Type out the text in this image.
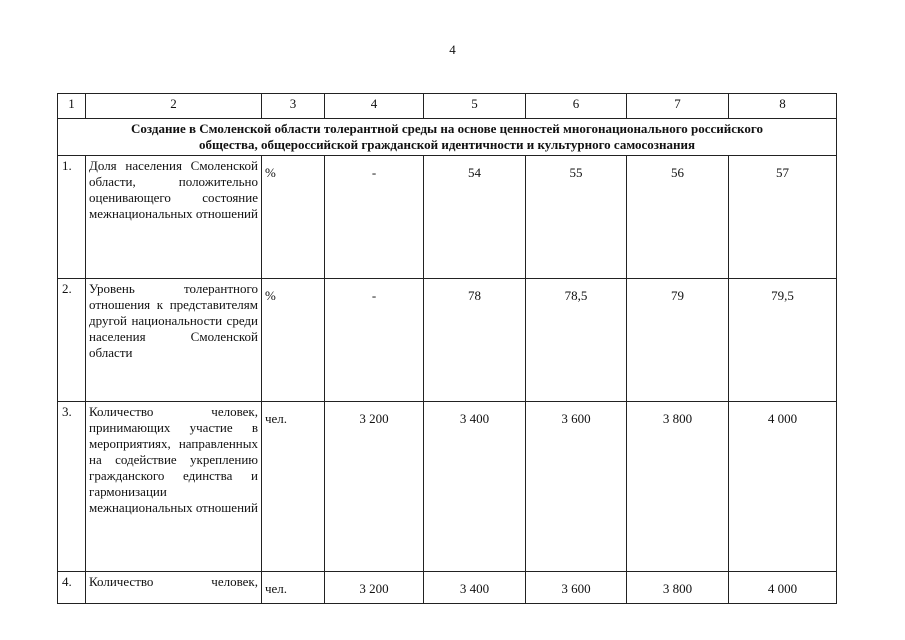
4
1	2	3	4	5	6	7	8
Создание в Смоленской области толерантной среды на основе ценностей многонационального российского
общества, общероссийской гражданской идентичности и культурного самосознания							
1.	Доля населения Смоленской области, положительно оценивающего состояние межнациональных отношений	%	-	54	55	56	57
2.	Уровень толерантного отношения к представителям другой национальности среди населения Смоленской области	%	-	78	78,5	79	79,5
3.	Количество человек, принимающих участие в мероприятиях, направленных на содействие укреплению гражданского единства и гармонизации межнациональных отношений	чел.	3 200	3 400	3 600	3 800	4 000
4.	Количество человек,	чел.	3 200	3 400	3 600	3 800	4 000
